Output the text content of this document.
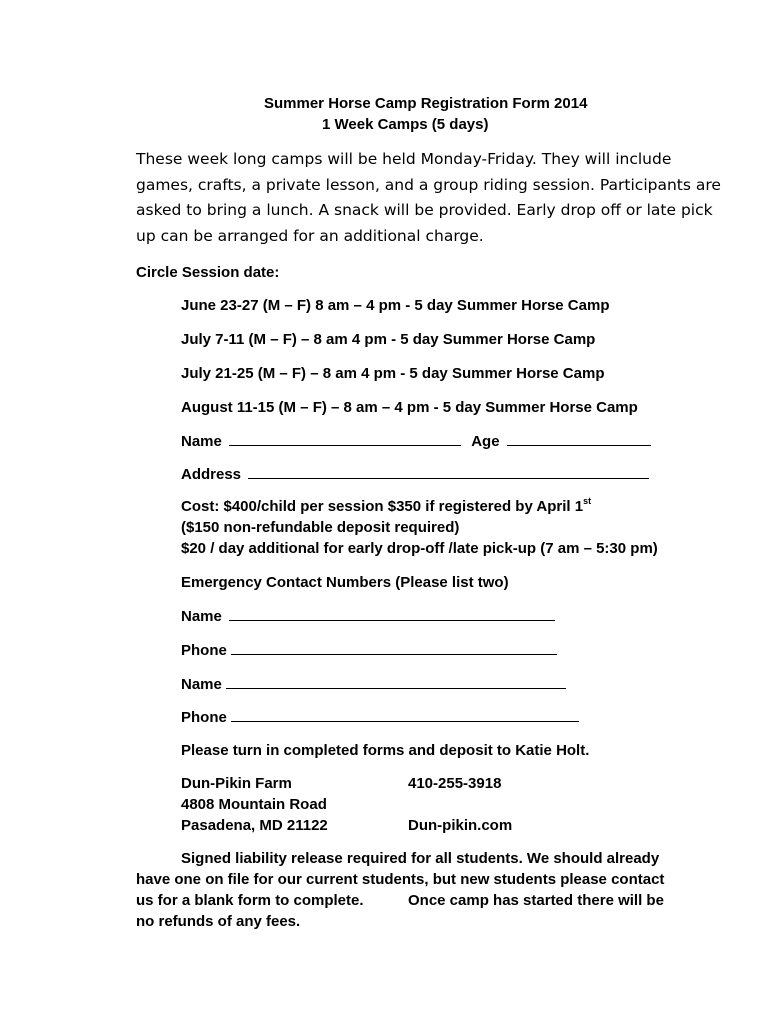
Summer Horse Camp Registration Form 2014
1 Week Camps (5 days)
These week long camps will be held Monday-Friday. They will include
games, crafts, a private lesson, and a group riding session. Participants are
asked to bring a lunch. A snack will be provided. Early drop off or late pick
up can be arranged for an additional charge.
Circle Session date:
June 23-27 (M – F) 8 am – 4 pm - 5 day Summer Horse Camp
July 7-11 (M – F) – 8 am 4 pm - 5 day Summer Horse Camp
July 21-25 (M – F) – 8 am 4 pm - 5 day Summer Horse Camp
August 11-15 (M – F) – 8 am – 4 pm - 5 day Summer Horse Camp
Name	Age
Address
Cost: $400/child per session $350 if registered by April 1st
($150 non-refundable deposit required)
$20 / day additional for early drop-off /late pick-up (7 am – 5:30 pm)
Emergency Contact Numbers (Please list two)
Name
Phone
Name
Phone
Please turn in completed forms and deposit to Katie Holt.
Dun-Pikin Farm	410-255-3918
4808 Mountain Road
Pasadena, MD 21122	Dun-pikin.com
Signed liability release required for all students. We should already
have one on file for our current students, but new students please contact
us for a blank form to complete.	Once camp has started there will be
no refunds of any fees.
